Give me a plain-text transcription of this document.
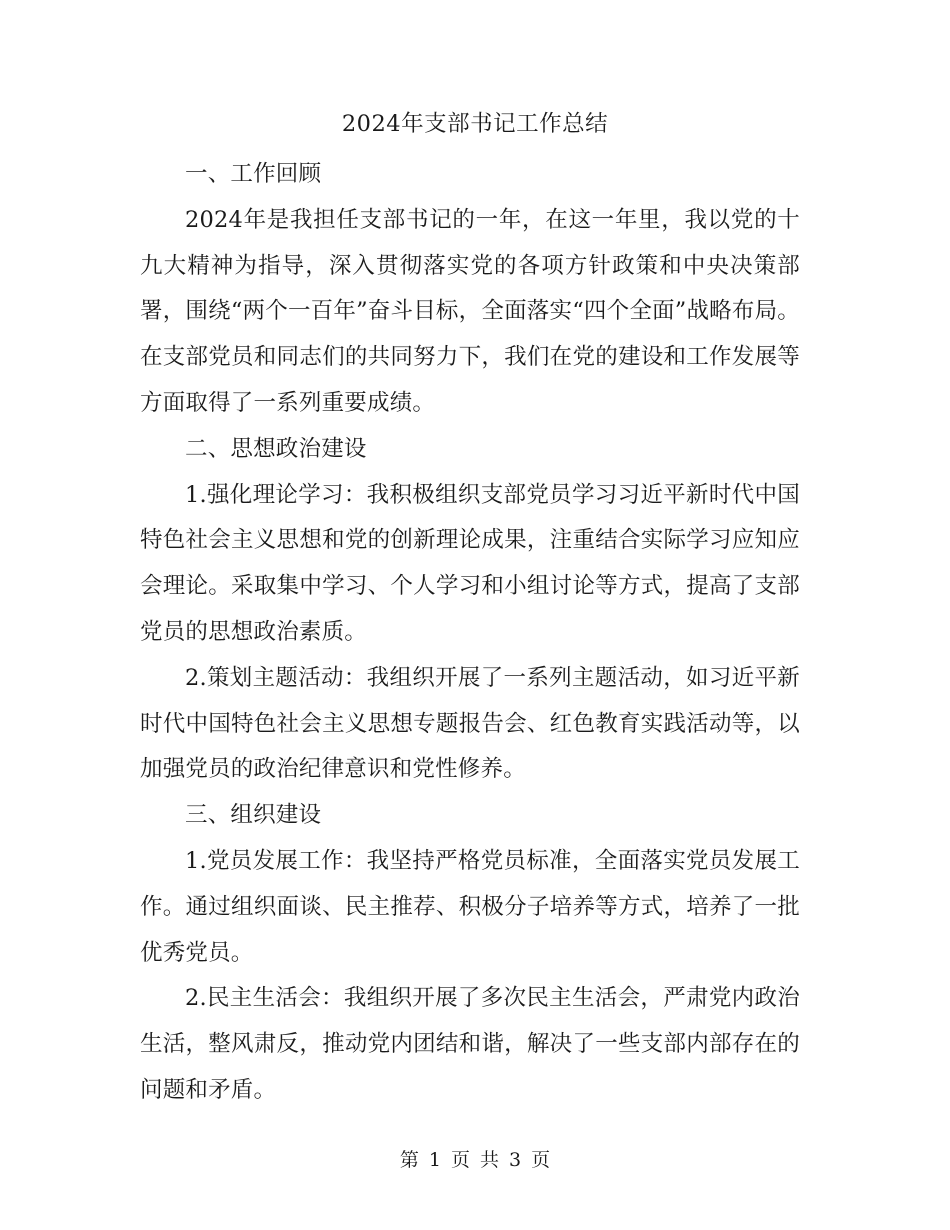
2024年支部书记工作总结

一、工作回顾

2024年是我担任支部书记的一年，在这一年里，我以党的十九大精神为指导，深入贯彻落实党的各项方针政策和中央决策部署，围绕“两个一百年”奋斗目标，全面落实“四个全面”战略布局。在支部党员和同志们的共同努力下，我们在党的建设和工作发展等方面取得了一系列重要成绩。

二、思想政治建设

1.强化理论学习：我积极组织支部党员学习习近平新时代中国特色社会主义思想和党的创新理论成果，注重结合实际学习应知应会理论。采取集中学习、个人学习和小组讨论等方式，提高了支部党员的思想政治素质。

2.策划主题活动：我组织开展了一系列主题活动，如习近平新时代中国特色社会主义思想专题报告会、红色教育实践活动等，以加强党员的政治纪律意识和党性修养。

三、组织建设

1.党员发展工作：我坚持严格党员标准，全面落实党员发展工作。通过组织面谈、民主推荐、积极分子培养等方式，培养了一批优秀党员。

2.民主生活会：我组织开展了多次民主生活会，严肃党内政治生活，整风肃反，推动党内团结和谐，解决了一些支部内部存在的问题和矛盾。

第 1 页 共 3 页
